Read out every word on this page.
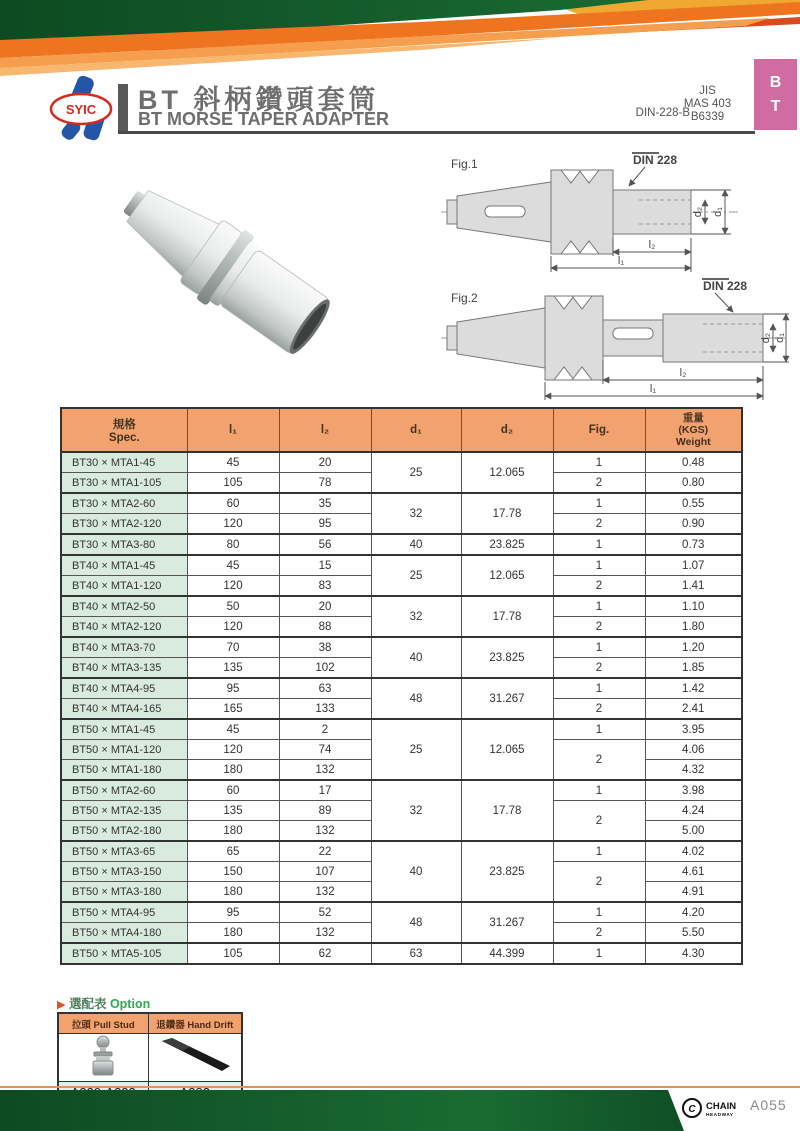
SYIC BT 斜柄鑽頭套筒
BT MORSE TAPER ADAPTER	DIN-228-B
JIS
MAS 403
B6339
B
T
Fig.1	DIN 228
d₂ d₁
l₂
l₁
Fig.2
DIN 228
d₂ d₁
l₂
l₁
規格
Spec.
	l₁	l₂	d₁	d₂	Fig.	
重量
(KGS)
Weight

BT30 × MTA1-45	45	20	25	12.065	1	0.48
BT30 × MTA1-105	105	78			2	0.80
BT30 × MTA2-60	60	35	32	17.78	1	0.55
BT30 × MTA2-120	120	95			2	0.90
BT30 × MTA3-80	80	56	40	23.825	1	0.73
BT40 × MTA1-45	45	15	25	12.065	1	1.07
BT40 × MTA1-120	120	83			2	1.41
BT40 × MTA2-50	50	20	32	17.78	1	1.10
BT40 × MTA2-120	120	88			2	1.80
BT40 × MTA3-70	70	38	40	23.825	1	1.20
BT40 × MTA3-135	135	102			2	1.85
BT40 × MTA4-95	95	63	48	31.267	1	1.42
BT40 × MTA4-165	165	133			2	2.41
BT50 × MTA1-45	45	2	25	12.065	1	3.95
BT50 × MTA1-120	120	74			2	4.06
BT50 × MTA1-180	180	132				4.32
BT50 × MTA2-60	60	17	32	17.78	1	3.98
BT50 × MTA2-135	135	89			2	4.24
BT50 × MTA2-180	180	132				5.00
BT50 × MTA3-65	65	22	40	23.825	1	4.02
BT50 × MTA3-150	150	107			2	4.61
BT50 × MTA3-180	180	132				4.91
BT50 × MTA4-95	95	52	48	31.267	1	4.20
BT50 × MTA4-180	180	132			2	5.50
BT50 × MTA5-105	105	62	63	44.399	1	4.30
▶ 選配表 Option
拉頭 Pull Stud	退鑽器 Hand Drift

C CHAIN
HEADWAY
A055
